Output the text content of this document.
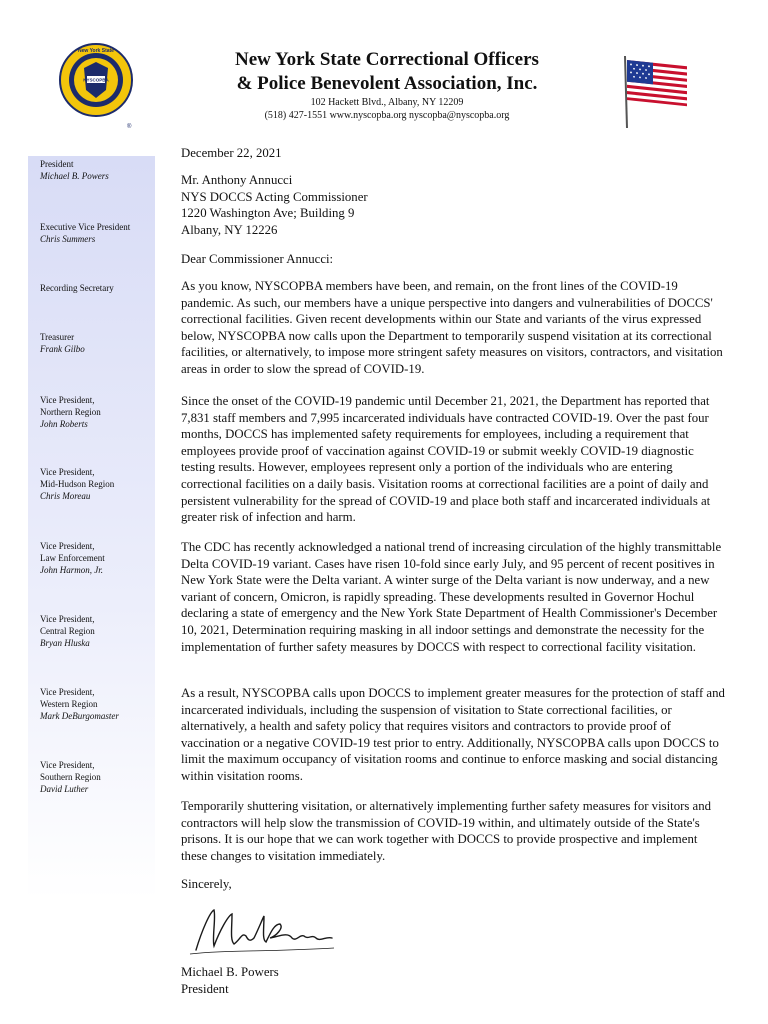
NYSCOPBA
New York State
®
New York State Correctional Officers
& Police Benevolent Association, Inc.
102 Hackett Blvd., Albany, NY 12209
(518) 427-1551 www.nyscopba.org nyscopba@nyscopba.org
President
Michael B. Powers
Executive Vice President
Chris Summers
Recording Secretary
Treasurer
Frank Gilbo
Vice President,
Northern Region
John Roberts
Vice President,
Mid-Hudson Region
Chris Moreau
Vice President,
Law Enforcement
John Harmon, Jr.
Vice President,
Central Region
Bryan Hluska
Vice President,
Western Region
Mark DeBurgomaster
Vice President,
Southern Region
David Luther
December 22, 2021
Mr. Anthony Annucci
NYS DOCCS Acting Commissioner
1220 Washington Ave; Building 9
Albany, NY 12226
Dear Commissioner Annucci:
As you know, NYSCOPBA members have been, and remain, on the front lines of the COVID-19 pandemic. As such, our members have a unique perspective into dangers and vulnerabilities of DOCCS' correctional facilities. Given recent developments within our State and variants of the virus expressed below, NYSCOPBA now calls upon the Department to temporarily suspend visitation at its correctional facilities, or alternatively, to impose more stringent safety measures on visitors, contractors, and visitation areas in order to slow the spread of COVID-19.
Since the onset of the COVID-19 pandemic until December 21, 2021, the Department has reported that 7,831 staff members and 7,995 incarcerated individuals have contracted COVID-19. Over the past four months, DOCCS has implemented safety requirements for employees, including a requirement that employees provide proof of vaccination against COVID-19 or submit weekly COVID-19 diagnostic testing results. However, employees represent only a portion of the individuals who are entering correctional facilities on a daily basis. Visitation rooms at correctional facilities are a point of daily and persistent vulnerability for the spread of COVID-19 and place both staff and incarcerated individuals at greater risk of infection and harm.
The CDC has recently acknowledged a national trend of increasing circulation of the highly transmittable Delta COVID-19 variant. Cases have risen 10-fold since early July, and 95 percent of recent positives in New York State were the Delta variant. A winter surge of the Delta variant is now underway, and a new variant of concern, Omicron, is rapidly spreading. These developments resulted in Governor Hochul declaring a state of emergency and the New York State Department of Health Commissioner's December 10, 2021, Determination requiring masking in all indoor settings and demonstrate the necessity for the implementation of further safety measures by DOCCS with respect to correctional facility visitation.
As a result, NYSCOPBA calls upon DOCCS to implement greater measures for the protection of staff and incarcerated individuals, including the suspension of visitation to State correctional facilities, or alternatively, a health and safety policy that requires visitors and contractors to provide proof of vaccination or a negative COVID-19 test prior to entry. Additionally, NYSCOPBA calls upon DOCCS to limit the maximum occupancy of visitation rooms and continue to enforce masking and social distancing within visitation rooms.
Temporarily shuttering visitation, or alternatively implementing further safety measures for visitors and contractors will help slow the transmission of COVID-19 within, and ultimately outside of the State's prisons. It is our hope that we can work together with DOCCS to provide prospective and implement these changes to visitation immediately.
Sincerely,
Michael B. Powers
President
